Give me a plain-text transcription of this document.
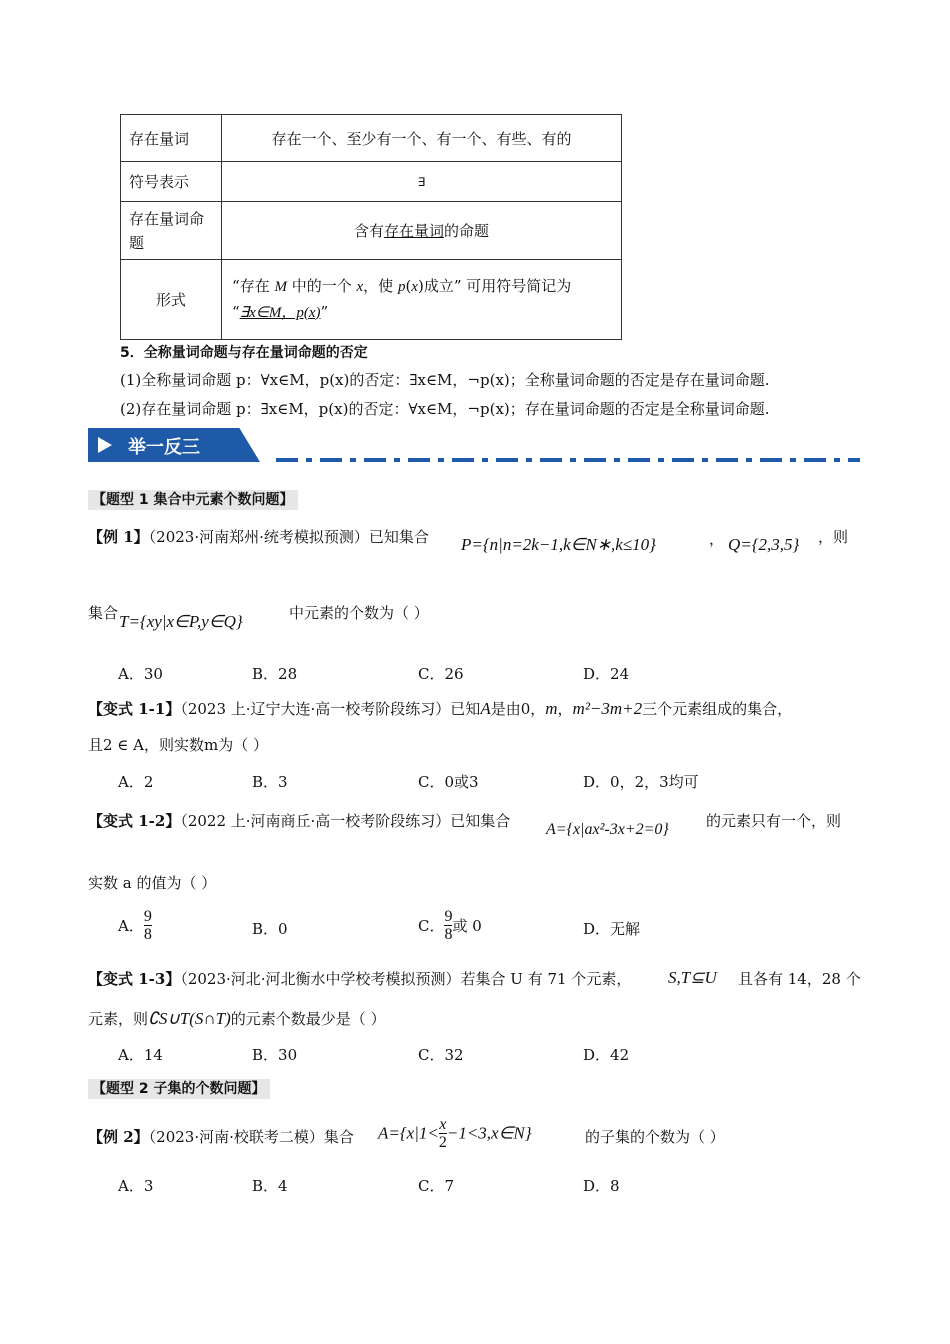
存在量词	存在一个、至少有一个、有一个、有些、有的
符号表示	∃
存在量词命题	含有存在量词的命题
形式	“存在 M 中的一个 x，使 p(x)成立” 可用符号简记为
“∃x∈M，p(x)”
5．全称量词命题与存在量词命题的否定
(1)全称量词命题 p：∀x∈M，p(x)的否定：∃x∈M，¬p(x)；全称量词命题的否定是存在量词命题.
(2)存在量词命题 p：∃x∈M，p(x)的否定：∀x∈M，¬p(x)；存在量词命题的否定是全称量词命题.
举一反三
【题型 1 集合中元素个数问题】
【例 1】（2023·河南郑州·统考模拟预测）已知集合 P={n|n=2k−1,k∈N∗,k≤10}	， Q={2,3,5} ，则
集合 T={xy|x∈P,y∈Q}	中元素的个数为（ ）
A．30	B．28	C．26	D．24
【变式 1-1】（2023 上·辽宁大连·高一校考阶段练习）已知A是由0，m，m²−3m+2三个元素组成的集合，
且2 ∈ A，则实数m为（ ）
A．2	B．3	C．0或3	D．0，2，3均可
【变式 1-2】（2022 上·河南商丘·高一校考阶段练习）已知集合 A={x|ax²-3x+2=0} 的元素只有一个，则
实数 a 的值为（ ）
A． $\frac{9}{8}$	B．0	C． $\frac{9}{8}$ 或 0	D．无解
【变式 1-3】（2023·河北·河北衡水中学校考模拟预测）若集合 U 有 71 个元素， S,T⊆U 且各有 14，28 个
元素，则∁S∪T(S∩T)的元素个数最少是（ ）
A．14	B．30	C．32	D．42
【题型 2 子集的个数问题】
【例 2】（2023·河南·校联考二模）集合 $A=\{x|1< \frac{x}{2}$ −1<3,x∈N}	的子集的个数为（ ）
A．3	B．4	C．7	D．8
